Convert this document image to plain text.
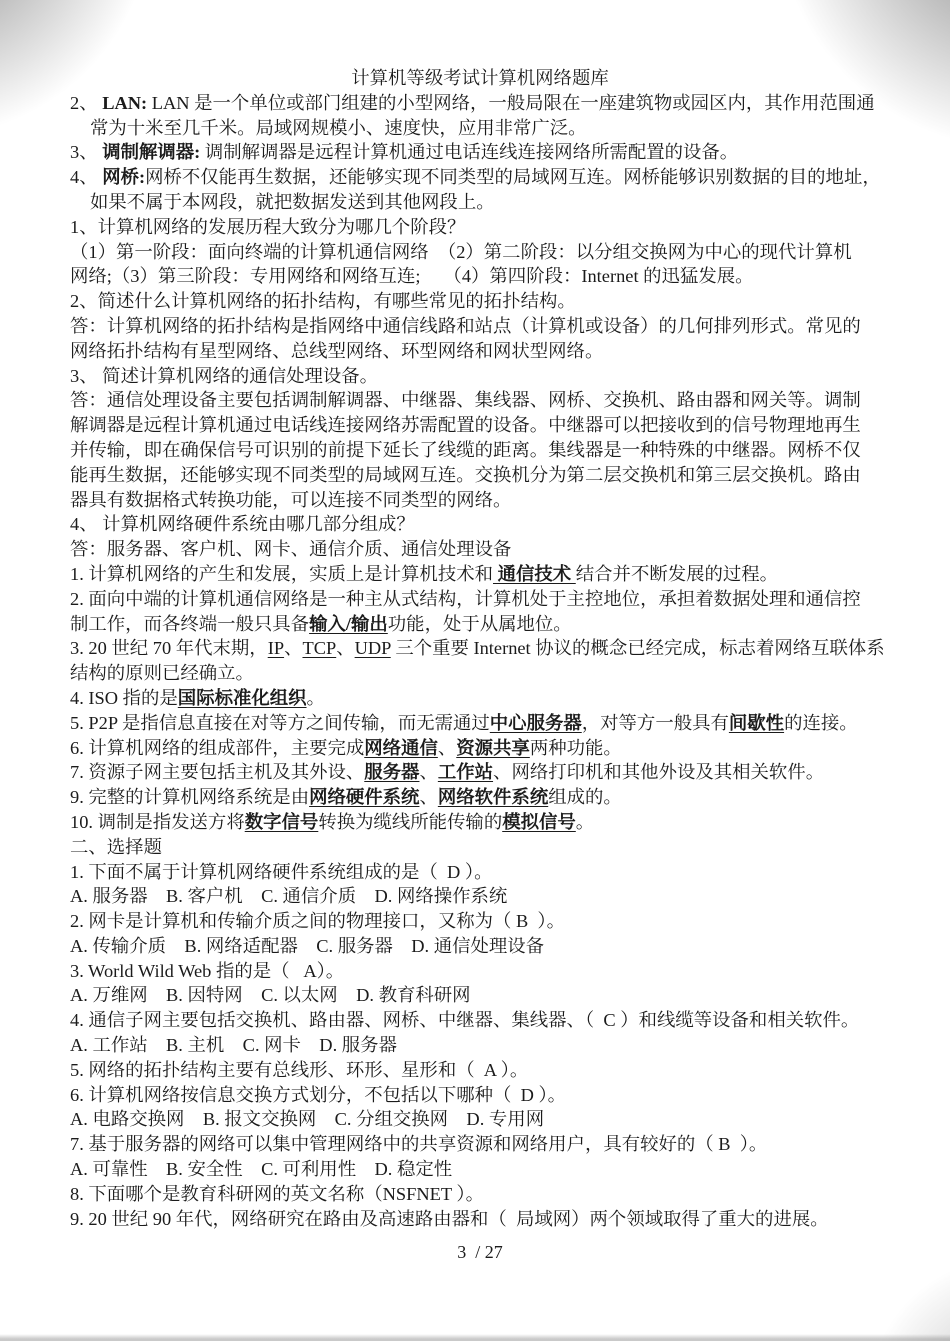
计算机等级考试计算机网络题库
2、 LAN: LAN 是一个单位或部门组建的小型网络，一般局限在一座建筑物或园区内，其作用范围通
常为十米至几千米。局域网规模小、速度快，应用非常广泛。
3、 调制解调器: 调制解调器是远程计算机通过电话连线连接网络所需配置的设备。
4、 网桥:网桥不仅能再生数据，还能够实现不同类型的局域网互连。网桥能够识别数据的目的地址，
如果不属于本网段，就把数据发送到其他网段上。
1、计算机网络的发展历程大致分为哪几个阶段？
（1）第一阶段：面向终端的计算机通信网络  （2）第二阶段：以分组交换网为中心的现代计算机
网络;（3）第三阶段：专用网络和网络互连;     （4）第四阶段：Internet 的迅猛发展。
2、简述什么计算机网络的拓扑结构，有哪些常见的拓扑结构。
答：计算机网络的拓扑结构是指网络中通信线路和站点（计算机或设备）的几何排列形式。常见的
网络拓扑结构有星型网络、总线型网络、环型网络和网状型网络。
3、 简述计算机网络的通信处理设备。
答：通信处理设备主要包括调制解调器、中继器、集线器、网桥、交换机、路由器和网关等。调制
解调器是远程计算机通过电话线连接网络苏需配置的设备。中继器可以把接收到的信号物理地再生
并传输，即在确保信号可识别的前提下延长了线缆的距离。集线器是一种特殊的中继器。网桥不仅
能再生数据，还能够实现不同类型的局域网互连。交换机分为第二层交换机和第三层交换机。路由
器具有数据格式转换功能，可以连接不同类型的网络。
4、 计算机网络硬件系统由哪几部分组成？
答：服务器、客户机、网卡、通信介质、通信处理设备
1. 计算机网络的产生和发展，实质上是计算机技术和 通信技术 结合并不断发展的过程。
2. 面向中端的计算机通信网络是一种主从式结构，计算机处于主控地位，承担着数据处理和通信控
制工作，而各终端一般只具备输入/输出功能，处于从属地位。
3. 20 世纪 70 年代末期，IP、TCP、UDP 三个重要 Internet 协议的概念已经完成，标志着网络互联体系
结构的原则已经确立。
4. ISO 指的是国际标准化组织。
5. P2P 是指信息直接在对等方之间传输，而无需通过中心服务器，对等方一般具有间歇性的连接。
6. 计算机网络的组成部件，主要完成网络通信、资源共享两种功能。
7. 资源子网主要包括主机及其外设、服务器、工作站、网络打印机和其他外设及其相关软件。
9. 完整的计算机网络系统是由网络硬件系统、网络软件系统组成的。
10. 调制是指发送方将数字信号转换为缆线所能传输的模拟信号。
二、选择题
1. 下面不属于计算机网络硬件系统组成的是（  D ）。
A. 服务器    B. 客户机    C. 通信介质    D. 网络操作系统
2. 网卡是计算机和传输介质之间的物理接口，又称为（ B  ）。
A. 传输介质    B. 网络适配器    C. 服务器    D. 通信处理设备
3. World Wild Web 指的是（   A）。
A. 万维网    B. 因特网    C. 以太网    D. 教育科研网
4. 通信子网主要包括交换机、路由器、网桥、中继器、集线器、（  C ）和线缆等设备和相关软件。
A. 工作站    B. 主机    C. 网卡    D. 服务器
5. 网络的拓扑结构主要有总线形、环形、星形和（  A ）。
6. 计算机网络按信息交换方式划分，不包括以下哪种（  D ）。
A. 电路交换网    B. 报文交换网    C. 分组交换网    D. 专用网
7. 基于服务器的网络可以集中管理网络中的共享资源和网络用户，具有较好的（ B  ）。
A. 可靠性    B. 安全性    C. 可利用性    D. 稳定性
8. 下面哪个是教育科研网的英文名称（NSFNET ）。
9. 20 世纪 90 年代，网络研究在路由及高速路由器和（  局域网）两个领域取得了重大的进展。
3  / 27
